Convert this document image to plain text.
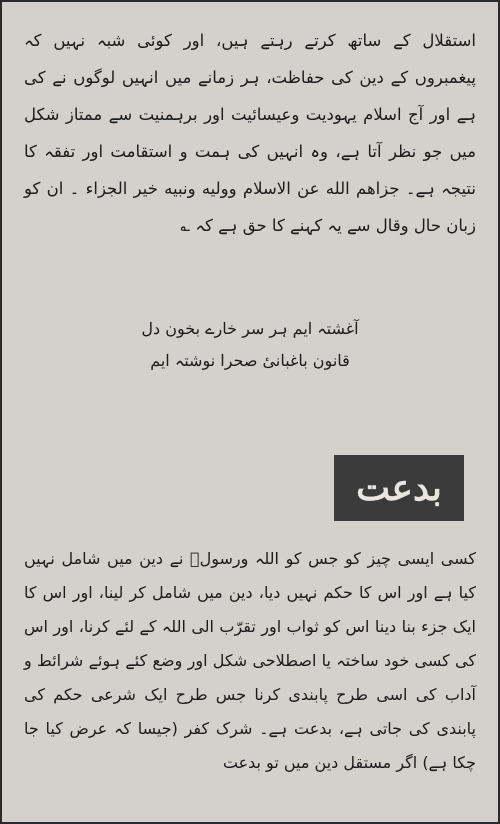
استقلال کے ساتھ کرتے رہتے ہیں، اور کوئی شبہ نہیں کہ پیغمبروں کے دین کی حفاظت، ہر زمانے میں انہیں لوگوں نے کی ہے اور آج اسلام یہودیت وعیسائیت اور برہمنیت سے ممتاز شکل میں جو نظر آتا ہے، وہ انہیں کی ہمت و استقامت اور تفقہ کا نتیجہ ہے۔ جزاهم الله عن الاسلام وولیه ونبیه خیر الجزاء ۔ ان کو زبان حال وقال سے یہ کہنے کا حق ہے کہ ؎

آغشتہ ایم ہر سر خارے بخون دل
قانون باغبانیٔ صحرا نوشتہ ایم
بدعت

کسی ایسی چیز کو جس کو اللہ ورسولؐ نے دین میں شامل نہیں کیا ہے اور اس کا حکم نہیں دیا، دین میں شامل کر لینا، اور اس کا ایک جزء بنا دینا اس کو ثواب اور تقرّب الی اللہ کے لئے کرنا، اور اس کی کسی خود ساختہ یا اصطلاحی شکل اور وضع کئے ہوئے شرائط و آداب کی اسی طرح پابندی کرنا جس طرح ایک شرعی حکم کی پابندی کی جاتی ہے، بدعت ہے۔ شرک کفر (جیسا کہ عرض کیا جا چکا ہے) اگر مستقل دین میں تو بدعت
